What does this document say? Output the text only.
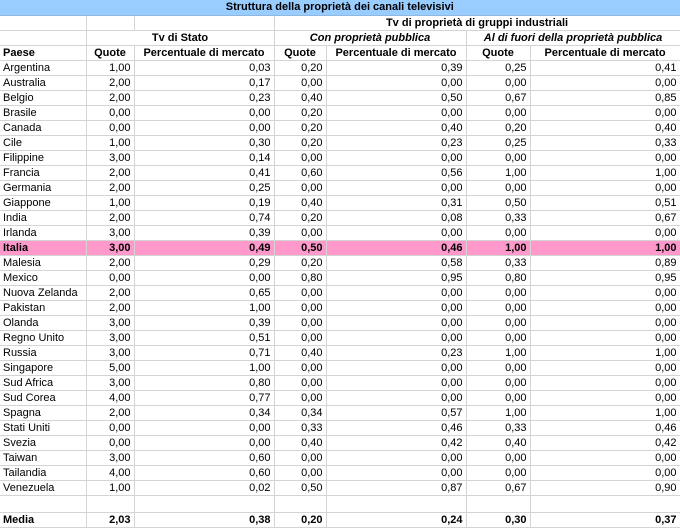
Struttura della proprietà dei canali televisivi						
			Tv di proprietà di gruppi industriali			
	Tv di Stato		Con proprietà pubblica		Al di fuori della proprietà pubblica	
Paese	Quote	Percentuale di mercato	Quote	Percentuale di mercato	Quote	Percentuale di mercato
Argentina	1,00	0,03	0,20	0,39	0,25	0,41
Australia	2,00	0,17	0,00	0,00	0,00	0,00
Belgio	2,00	0,23	0,40	0,50	0,67	0,85
Brasile	0,00	0,00	0,20	0,00	0,00	0,00
Canada	0,00	0,00	0,20	0,40	0,20	0,40
Cile	1,00	0,30	0,20	0,23	0,25	0,33
Filippine	3,00	0,14	0,00	0,00	0,00	0,00
Francia	2,00	0,41	0,60	0,56	1,00	1,00
Germania	2,00	0,25	0,00	0,00	0,00	0,00
Giappone	1,00	0,19	0,40	0,31	0,50	0,51
India	2,00	0,74	0,20	0,08	0,33	0,67
Irlanda	3,00	0,39	0,00	0,00	0,00	0,00
Italia	3,00	0,49	0,50	0,46	1,00	1,00
Malesia	2,00	0,29	0,20	0,58	0,33	0,89
Mexico	0,00	0,00	0,80	0,95	0,80	0,95
Nuova Zelanda	2,00	0,65	0,00	0,00	0,00	0,00
Pakistan	2,00	1,00	0,00	0,00	0,00	0,00
Olanda	3,00	0,39	0,00	0,00	0,00	0,00
Regno Unito	3,00	0,51	0,00	0,00	0,00	0,00
Russia	3,00	0,71	0,40	0,23	1,00	1,00
Singapore	5,00	1,00	0,00	0,00	0,00	0,00
Sud Africa	3,00	0,80	0,00	0,00	0,00	0,00
Sud Corea	4,00	0,77	0,00	0,00	0,00	0,00
Spagna	2,00	0,34	0,34	0,57	1,00	1,00
Stati Uniti	0,00	0,00	0,33	0,46	0,33	0,46
Svezia	0,00	0,00	0,40	0,42	0,40	0,42
Taiwan	3,00	0,60	0,00	0,00	0,00	0,00
Tailandia	4,00	0,60	0,00	0,00	0,00	0,00
Venezuela	1,00	0,02	0,50	0,87	0,67	0,90

Media	2,03	0,38	0,20	0,24	0,30	0,37
